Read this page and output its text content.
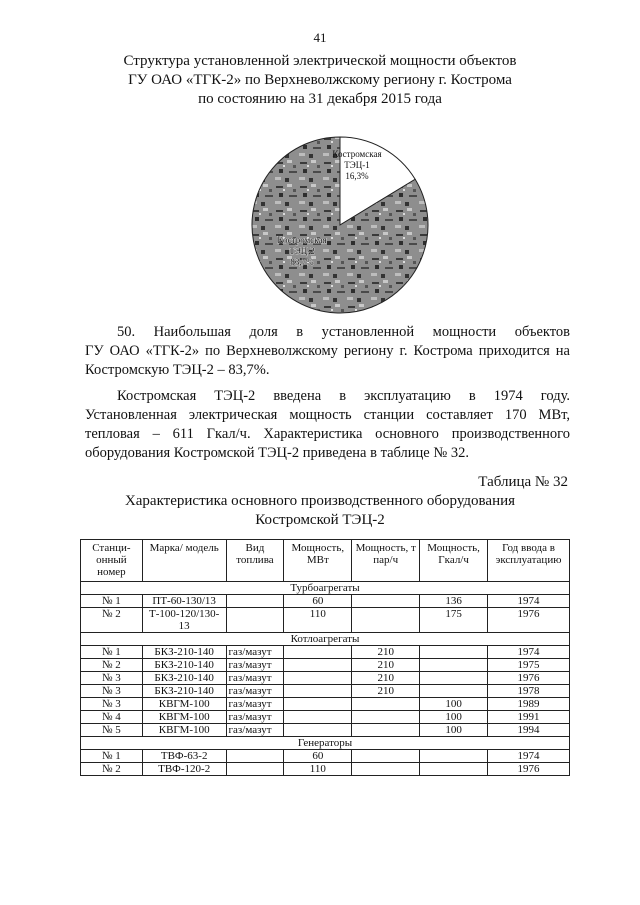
41
Структура установленной электрической мощности объектов
ГУ ОАО «ТГК-2» по Верхневолжскому региону г. Кострома
по состоянию на 31 декабря 2015 года
Костромская
ТЭЦ-1
16,3%
Костромская
ТЭЦ-2
83,7%
50. Наибольшая доля в установленной мощности объектов
ГУ ОАО «ТГК-2» по Верхневолжскому региону г. Кострома приходится на
Костромскую ТЭЦ-2 – 83,7%.
Костромская ТЭЦ-2 введена в эксплуатацию в 1974 году.
Установленная электрическая мощность станции составляет 170 МВт,
тепловая – 611 Гкал/ч. Характеристика основного производственного
оборудования Костромской ТЭЦ-2 приведена в таблице № 32.
Таблица № 32
Характеристика основного производственного оборудования
Костромской ТЭЦ-2
Станци-онный номер	Марка/ модель	Вид топлива	Мощность, МВт	Мощность, т пар/ч	Мощность, Гкал/ч	Год ввода в эксплуатацию
Турбоагрегаты						
№ 1	ПТ-60-130/13		60		136	1974
№ 2	Т-100-120/130-13		110		175	1976
Котлоагрегаты						
№ 1	БКЗ-210-140	газ/мазут		210		1974
№ 2	БКЗ-210-140	газ/мазут		210		1975
№ 3	БКЗ-210-140	газ/мазут		210		1976
№ 3	БКЗ-210-140	газ/мазут		210		1978
№ 3	КВГМ-100	газ/мазут			100	1989
№ 4	КВГМ-100	газ/мазут			100	1991
№ 5	КВГМ-100	газ/мазут			100	1994
Генераторы						
№ 1	ТВФ-63-2		60			1974
№ 2	ТВФ-120-2		110			1976
